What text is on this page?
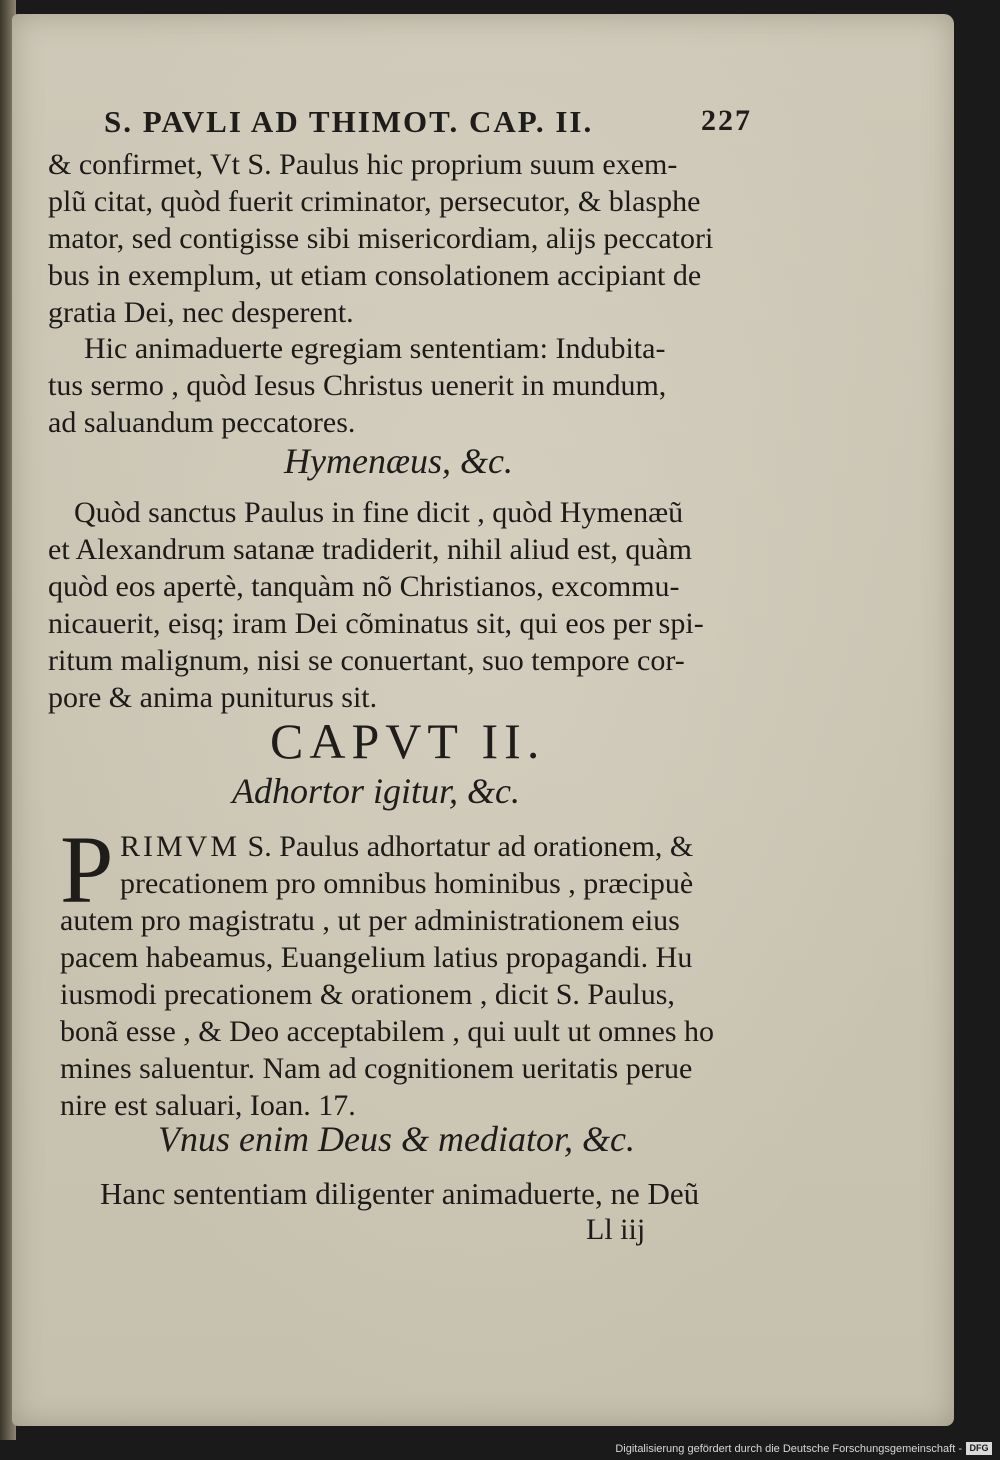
S. PAVLI AD THIMOT. CAP. II.	227
& confirmet, Vt S. Paulus hic proprium suum exem-
plũ citat, quòd fuerit criminator, persecutor, & blasphe
mator, sed contigisse sibi misericordiam, alijs peccatori
bus in exemplum, ut etiam consolationem accipiant de
gratia Dei, nec desperent.
Hic animaduerte egregiam sententiam: Indubita-
tus sermo , quòd Iesus Christus uenerit in mundum,
ad saluandum peccatores.
Hymenæus, &c.
Quòd sanctus Paulus in fine dicit , quòd Hymenæũ
et Alexandrum satanæ tradiderit, nihil aliud est, quàm
quòd eos apertè, tanquàm nõ Christianos, excommu-
nicauerit, eisq; iram Dei cõminatus sit, qui eos per spi-
ritum malignum, nisi se conuertant, suo tempore cor-
pore & anima puniturus sit.
CAPVT II.
Adhortor igitur, &c.
P RIMVM S. Paulus adhortatur ad orationem, &
precationem pro omnibus hominibus , præcipuè
autem pro magistratu , ut per administrationem eius
pacem habeamus, Euangelium latius propagandi. Hu
iusmodi precationem & orationem , dicit S. Paulus,
bonã esse , & Deo acceptabilem , qui uult ut omnes ho
mines saluentur. Nam ad cognitionem ueritatis perue
nire est saluari, Ioan. 17.
Vnus enim Deus & mediator, &c.
Hanc sententiam diligenter animaduerte, ne Deũ
Ll iij
Digitalisierung gefördert durch die Deutsche Forschungsgemeinschaft - DFG
